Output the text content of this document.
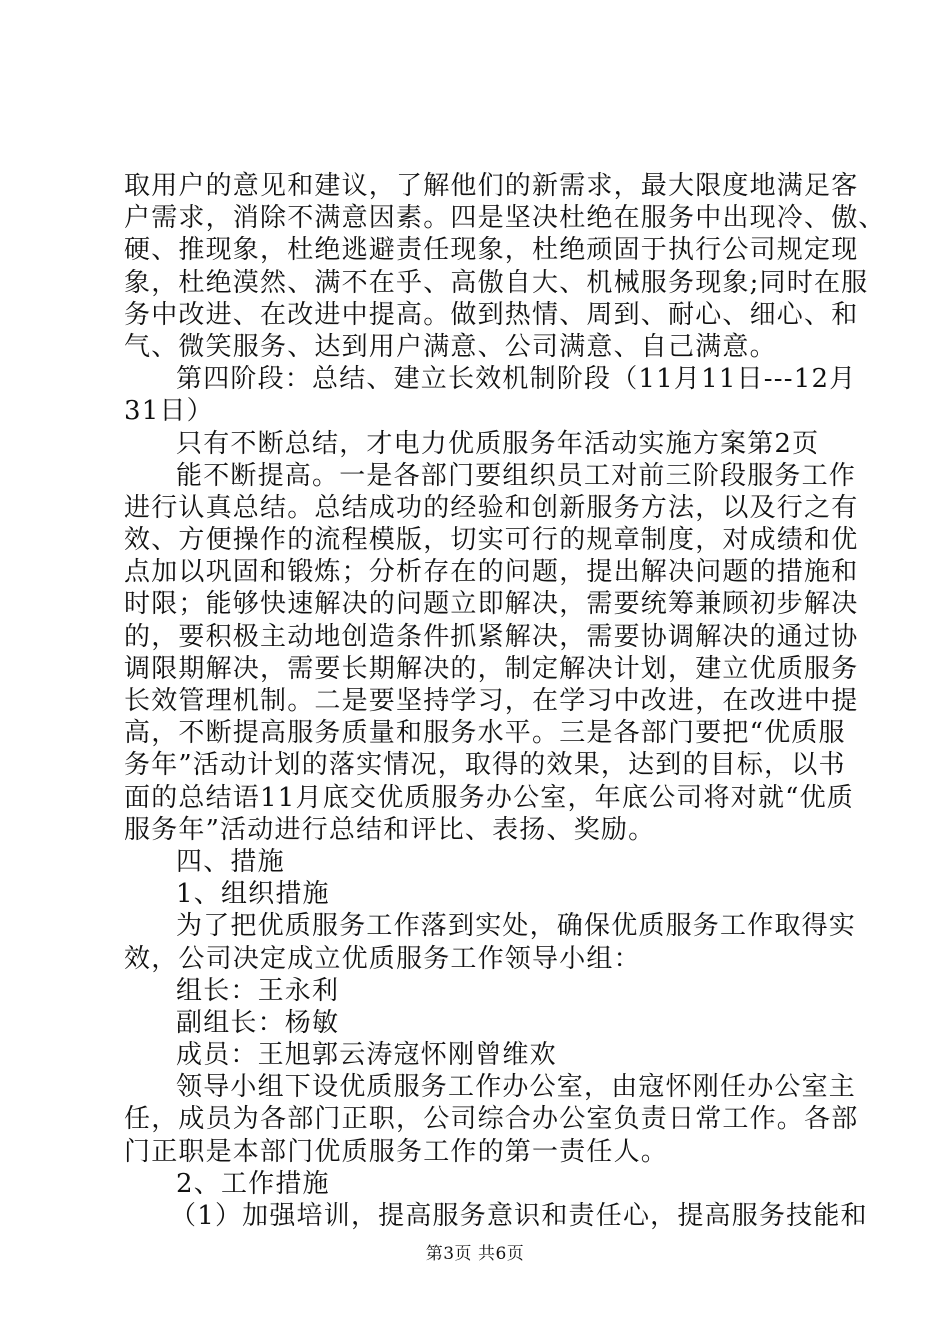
取用户的意见和建议，了解他们的新需求，最大限度地满足客
户需求，消除不满意因素。四是坚决杜绝在服务中出现冷、傲、
硬、推现象，杜绝逃避责任现象，杜绝顽固于执行公司规定现
象，杜绝漠然、满不在乎、高傲自大、机械服务现象;同时在服
务中改进、在改进中提高。做到热情、周到、耐心、细心、和
气、微笑服务、达到用户满意、公司满意、自己满意。
第四阶段：总结、建立长效机制阶段（11月11日---12月
31日）
只有不断总结，才电力优质服务年活动实施方案第2页
能不断提高。一是各部门要组织员工对前三阶段服务工作
进行认真总结。总结成功的经验和创新服务方法，以及行之有
效、方便操作的流程模版，切实可行的规章制度，对成绩和优
点加以巩固和锻炼；分析存在的问题，提出解决问题的措施和
时限；能够快速解决的问题立即解决，需要统筹兼顾初步解决
的，要积极主动地创造条件抓紧解决，需要协调解决的通过协
调限期解决，需要长期解决的，制定解决计划，建立优质服务
长效管理机制。二是要坚持学习，在学习中改进，在改进中提
高，不断提高服务质量和服务水平。三是各部门要把“优质服
务年”活动计划的落实情况，取得的效果，达到的目标，以书
面的总结语11月底交优质服务办公室，年底公司将对就“优质
服务年”活动进行总结和评比、表扬、奖励。
四、措施
1、组织措施
为了把优质服务工作落到实处，确保优质服务工作取得实
效，公司决定成立优质服务工作领导小组：
组长：王永利
副组长：杨敏
成员：王旭郭云涛寇怀刚曾维欢
领导小组下设优质服务工作办公室，由寇怀刚任办公室主
任，成员为各部门正职，公司综合办公室负责日常工作。各部
门正职是本部门优质服务工作的第一责任人。
2、工作措施
（1）加强培训，提高服务意识和责任心，提高服务技能和
第3页 共6页
